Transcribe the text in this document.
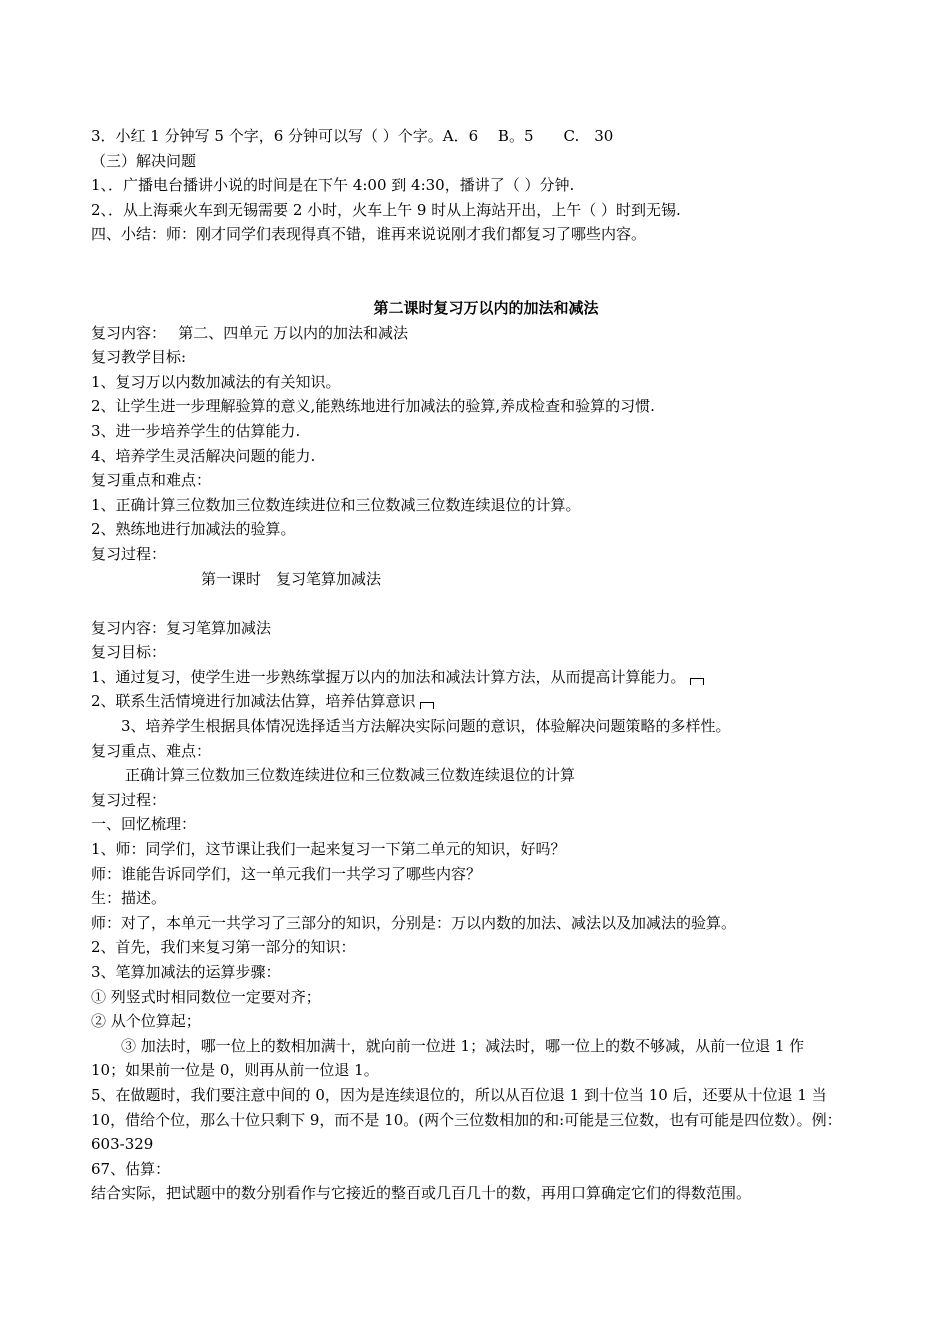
3．小红 1 分钟写 5 个字，6 分钟可以写（ ）个字。A．6　 B。5　　C.　30
（三）解决问题
1、．广播电台播讲小说的时间是在下午 4:00 到 4:30，播讲了（ ）分钟.
2、．从上海乘火车到无锡需要 2 小时，火车上午 9 时从上海站开出，上午（ ）时到无锡.
四、小结：师：刚才同学们表现得真不错，谁再来说说刚才我们都复习了哪些内容。
第二课时复习万以内的加法和减法
复习内容：　 第二、四单元 万以内的加法和减法
复习教学目标:
1、复习万以内数加减法的有关知识。
2、让学生进一步理解验算的意义,能熟练地进行加减法的验算,养成检查和验算的习惯.
3、进一步培养学生的估算能力.
4、培养学生灵活解决问题的能力.
复习重点和难点：
1、正确计算三位数加三位数连续进位和三位数减三位数连续退位的计算。
2、熟练地进行加减法的验算。
复习过程：
第一课时　复习笔算加减法
复习内容：复习笔算加减法
复习目标：
1、通过复习，使学生进一步熟练掌握万以内的加法和减法计算方法，从而提高计算能力。
2、联系生活情境进行加减法估算，培养估算意识
3、培养学生根据具体情况选择适当方法解决实际问题的意识，体验解决问题策略的多样性。
复习重点、难点：
正确计算三位数加三位数连续进位和三位数减三位数连续退位的计算
复习过程：
一、回忆梳理：
1、师：同学们，这节课让我们一起来复习一下第二单元的知识，好吗？
师：谁能告诉同学们，这一单元我们一共学习了哪些内容？
生：描述。
师：对了，本单元一共学习了三部分的知识，分别是：万以内数的加法、减法以及加减法的验算。
2、首先，我们来复习第一部分的知识：
3、笔算加减法的运算步骤：
① 列竖式时相同数位一定要对齐；
② 从个位算起；
③ 加法时，哪一位上的数相加满十，就向前一位进 1；减法时，哪一位上的数不够减，从前一位退 1 作
10；如果前一位是 0，则再从前一位退 1。
5、在做题时，我们要注意中间的 0，因为是连续退位的，所以从百位退 1 到十位当 10 后，还要从十位退 1 当
10，借给个位，那么十位只剩下 9，而不是 10。(两个三位数相加的和:可能是三位数，也有可能是四位数）。例：
603-329
67、估算：
结合实际，把试题中的数分别看作与它接近的整百或几百几十的数，再用口算确定它们的得数范围。
